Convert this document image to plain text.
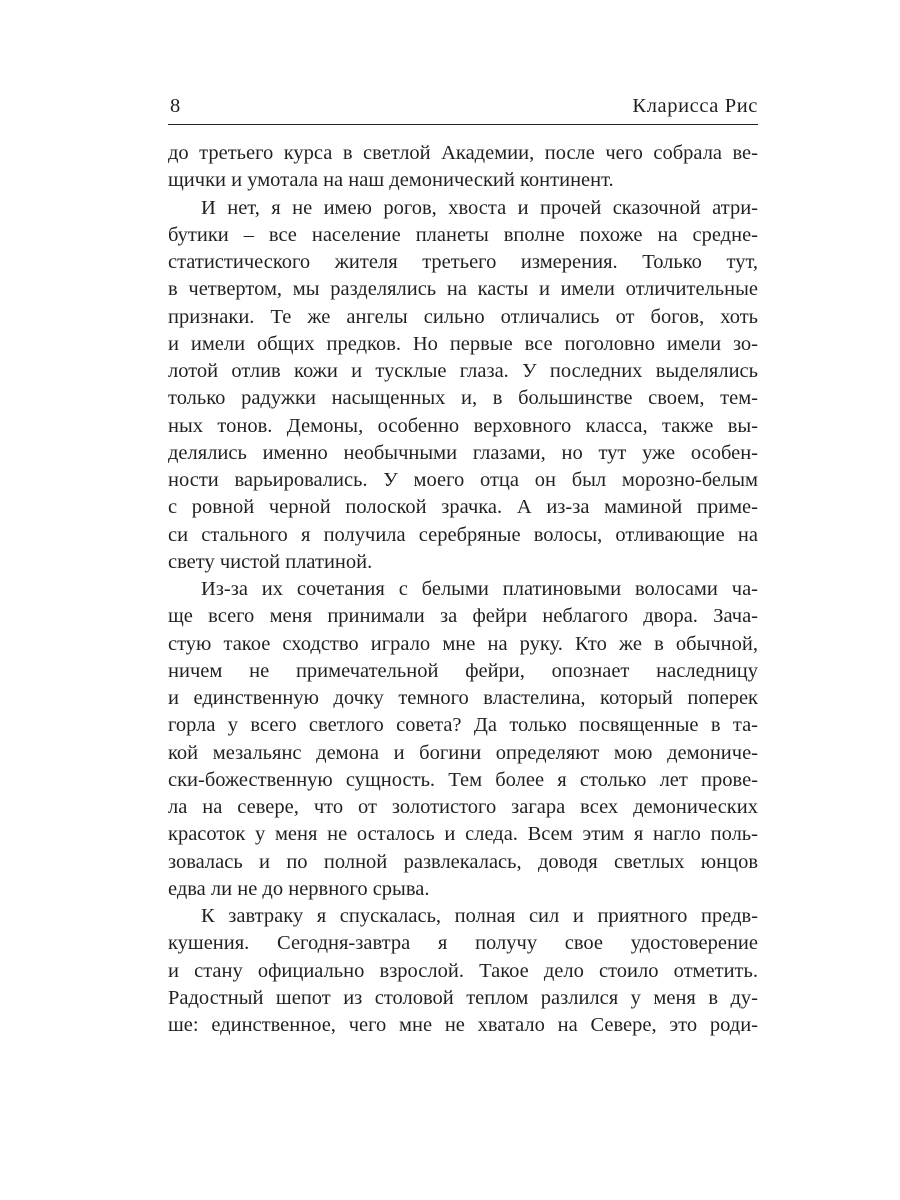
8	Кларисса Рис
до третьего курса в светлой Академии, после чего собрала ве-
щички и умотала на наш демонический континент.
И нет, я не имею рогов, хвоста и прочей сказочной атри-
бутики – все население планеты вполне похоже на средне-
статистического жителя третьего измерения. Только тут,
в четвертом, мы разделялись на касты и имели отличительные
признаки. Те же ангелы сильно отличались от богов, хоть
и имели общих предков. Но первые все поголовно имели зо-
лотой отлив кожи и тусклые глаза. У последних выделялись
только радужки насыщенных и, в большинстве своем, тем-
ных тонов. Демоны, особенно верховного класса, также вы-
делялись именно необычными глазами, но тут уже особен-
ности варьировались. У моего отца он был морозно-белым
с ровной черной полоской зрачка. А из-за маминой приме-
си стального я получила серебряные волосы, отливающие на
свету чистой платиной.
Из-за их сочетания с белыми платиновыми волосами ча-
ще всего меня принимали за фейри неблагого двора. Зача-
стую такое сходство играло мне на руку. Кто же в обычной,
ничем не примечательной фейри, опознает наследницу
и единственную дочку темного властелина, который поперек
горла у всего светлого совета? Да только посвященные в та-
кой мезальянс демона и богини определяют мою демониче-
ски-божественную сущность. Тем более я столько лет прове-
ла на севере, что от золотистого загара всех демонических
красоток у меня не осталось и следа. Всем этим я нагло поль-
зовалась и по полной развлекалась, доводя светлых юнцов
едва ли не до нервного срыва.
К завтраку я спускалась, полная сил и приятного предв-
кушения. Сегодня-завтра я получу свое удостоверение
и стану официально взрослой. Такое дело стоило отметить.
Радостный шепот из столовой теплом разлился у меня в ду-
ше: единственное, чего мне не хватало на Севере, это роди-
